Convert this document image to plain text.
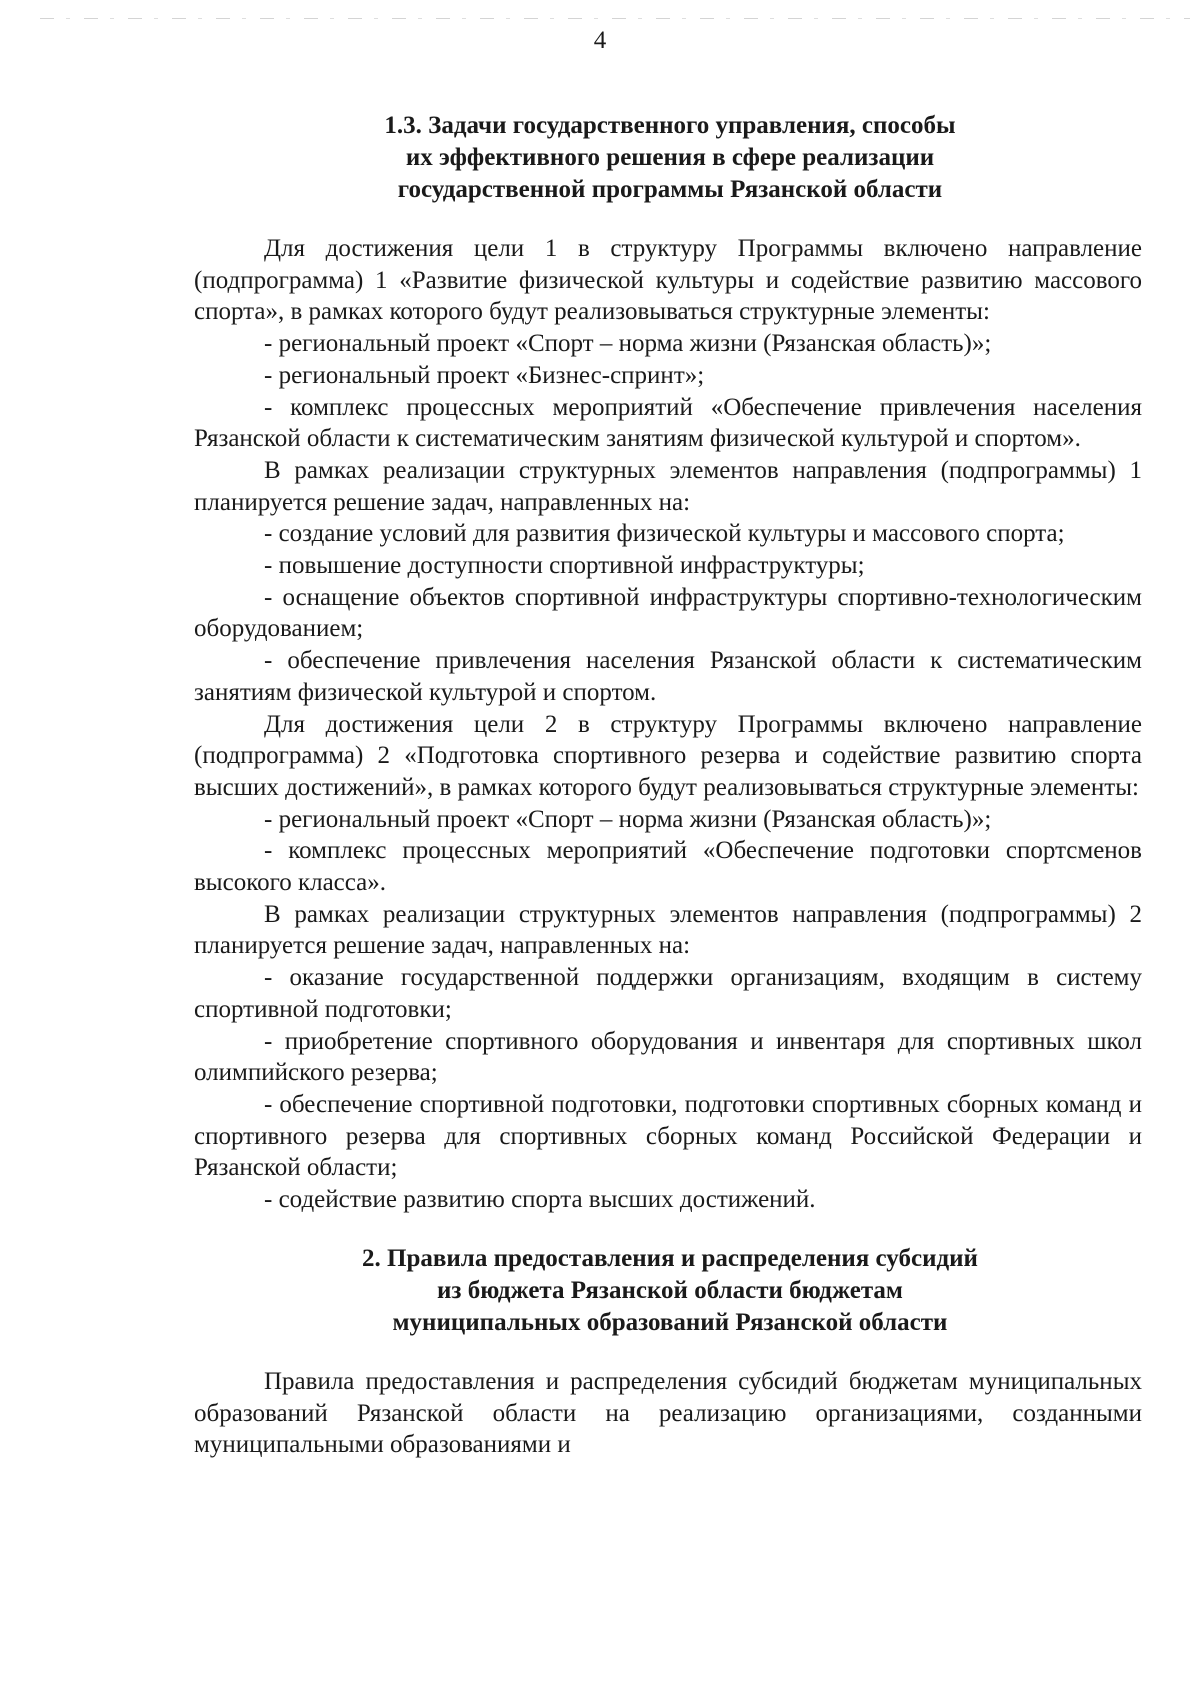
4
1.3. Задачи государственного управления, способы
их эффективного решения в сфере реализации
государственной программы Рязанской области

Для достижения цели 1 в структуру Программы включено направление (подпрограмма) 1 «Развитие физической культуры и содействие развитию массового спорта», в рамках которого будут реализовываться структурные элементы:

- региональный проект «Спорт – норма жизни (Рязанская область)»;

- региональный проект «Бизнес-спринт»;

- комплекс процессных мероприятий «Обеспечение привлечения населения Рязанской области к систематическим занятиям физической культурой и спортом».

В рамках реализации структурных элементов направления (подпрограммы) 1 планируется решение задач, направленных на:

- создание условий для развития физической культуры и массового спорта;

- повышение доступности спортивной инфраструктуры;

- оснащение объектов спортивной инфраструктуры спортивно-технологическим оборудованием;

- обеспечение привлечения населения Рязанской области к систематическим занятиям физической культурой и спортом.

Для достижения цели 2 в структуру Программы включено направление (подпрограмма) 2 «Подготовка спортивного резерва и содействие развитию спорта высших достижений», в рамках которого будут реализовываться структурные элементы:

- региональный проект «Спорт – норма жизни (Рязанская область)»;

- комплекс процессных мероприятий «Обеспечение подготовки спортсменов высокого класса».

В рамках реализации структурных элементов направления (подпрограммы) 2 планируется решение задач, направленных на:

- оказание государственной поддержки организациям, входящим в систему спортивной подготовки;

- приобретение спортивного оборудования и инвентаря для спортивных школ олимпийского резерва;

- обеспечение спортивной подготовки, подготовки спортивных сборных команд и спортивного резерва для спортивных сборных команд Российской Федерации и Рязанской области;

- содействие развитию спорта высших достижений.

2. Правила предоставления и распределения субсидий
из бюджета Рязанской области бюджетам
муниципальных образований Рязанской области

Правила предоставления и распределения субсидий бюджетам муниципальных образований Рязанской области на реализацию организациями, созданными муниципальными образованиями и
